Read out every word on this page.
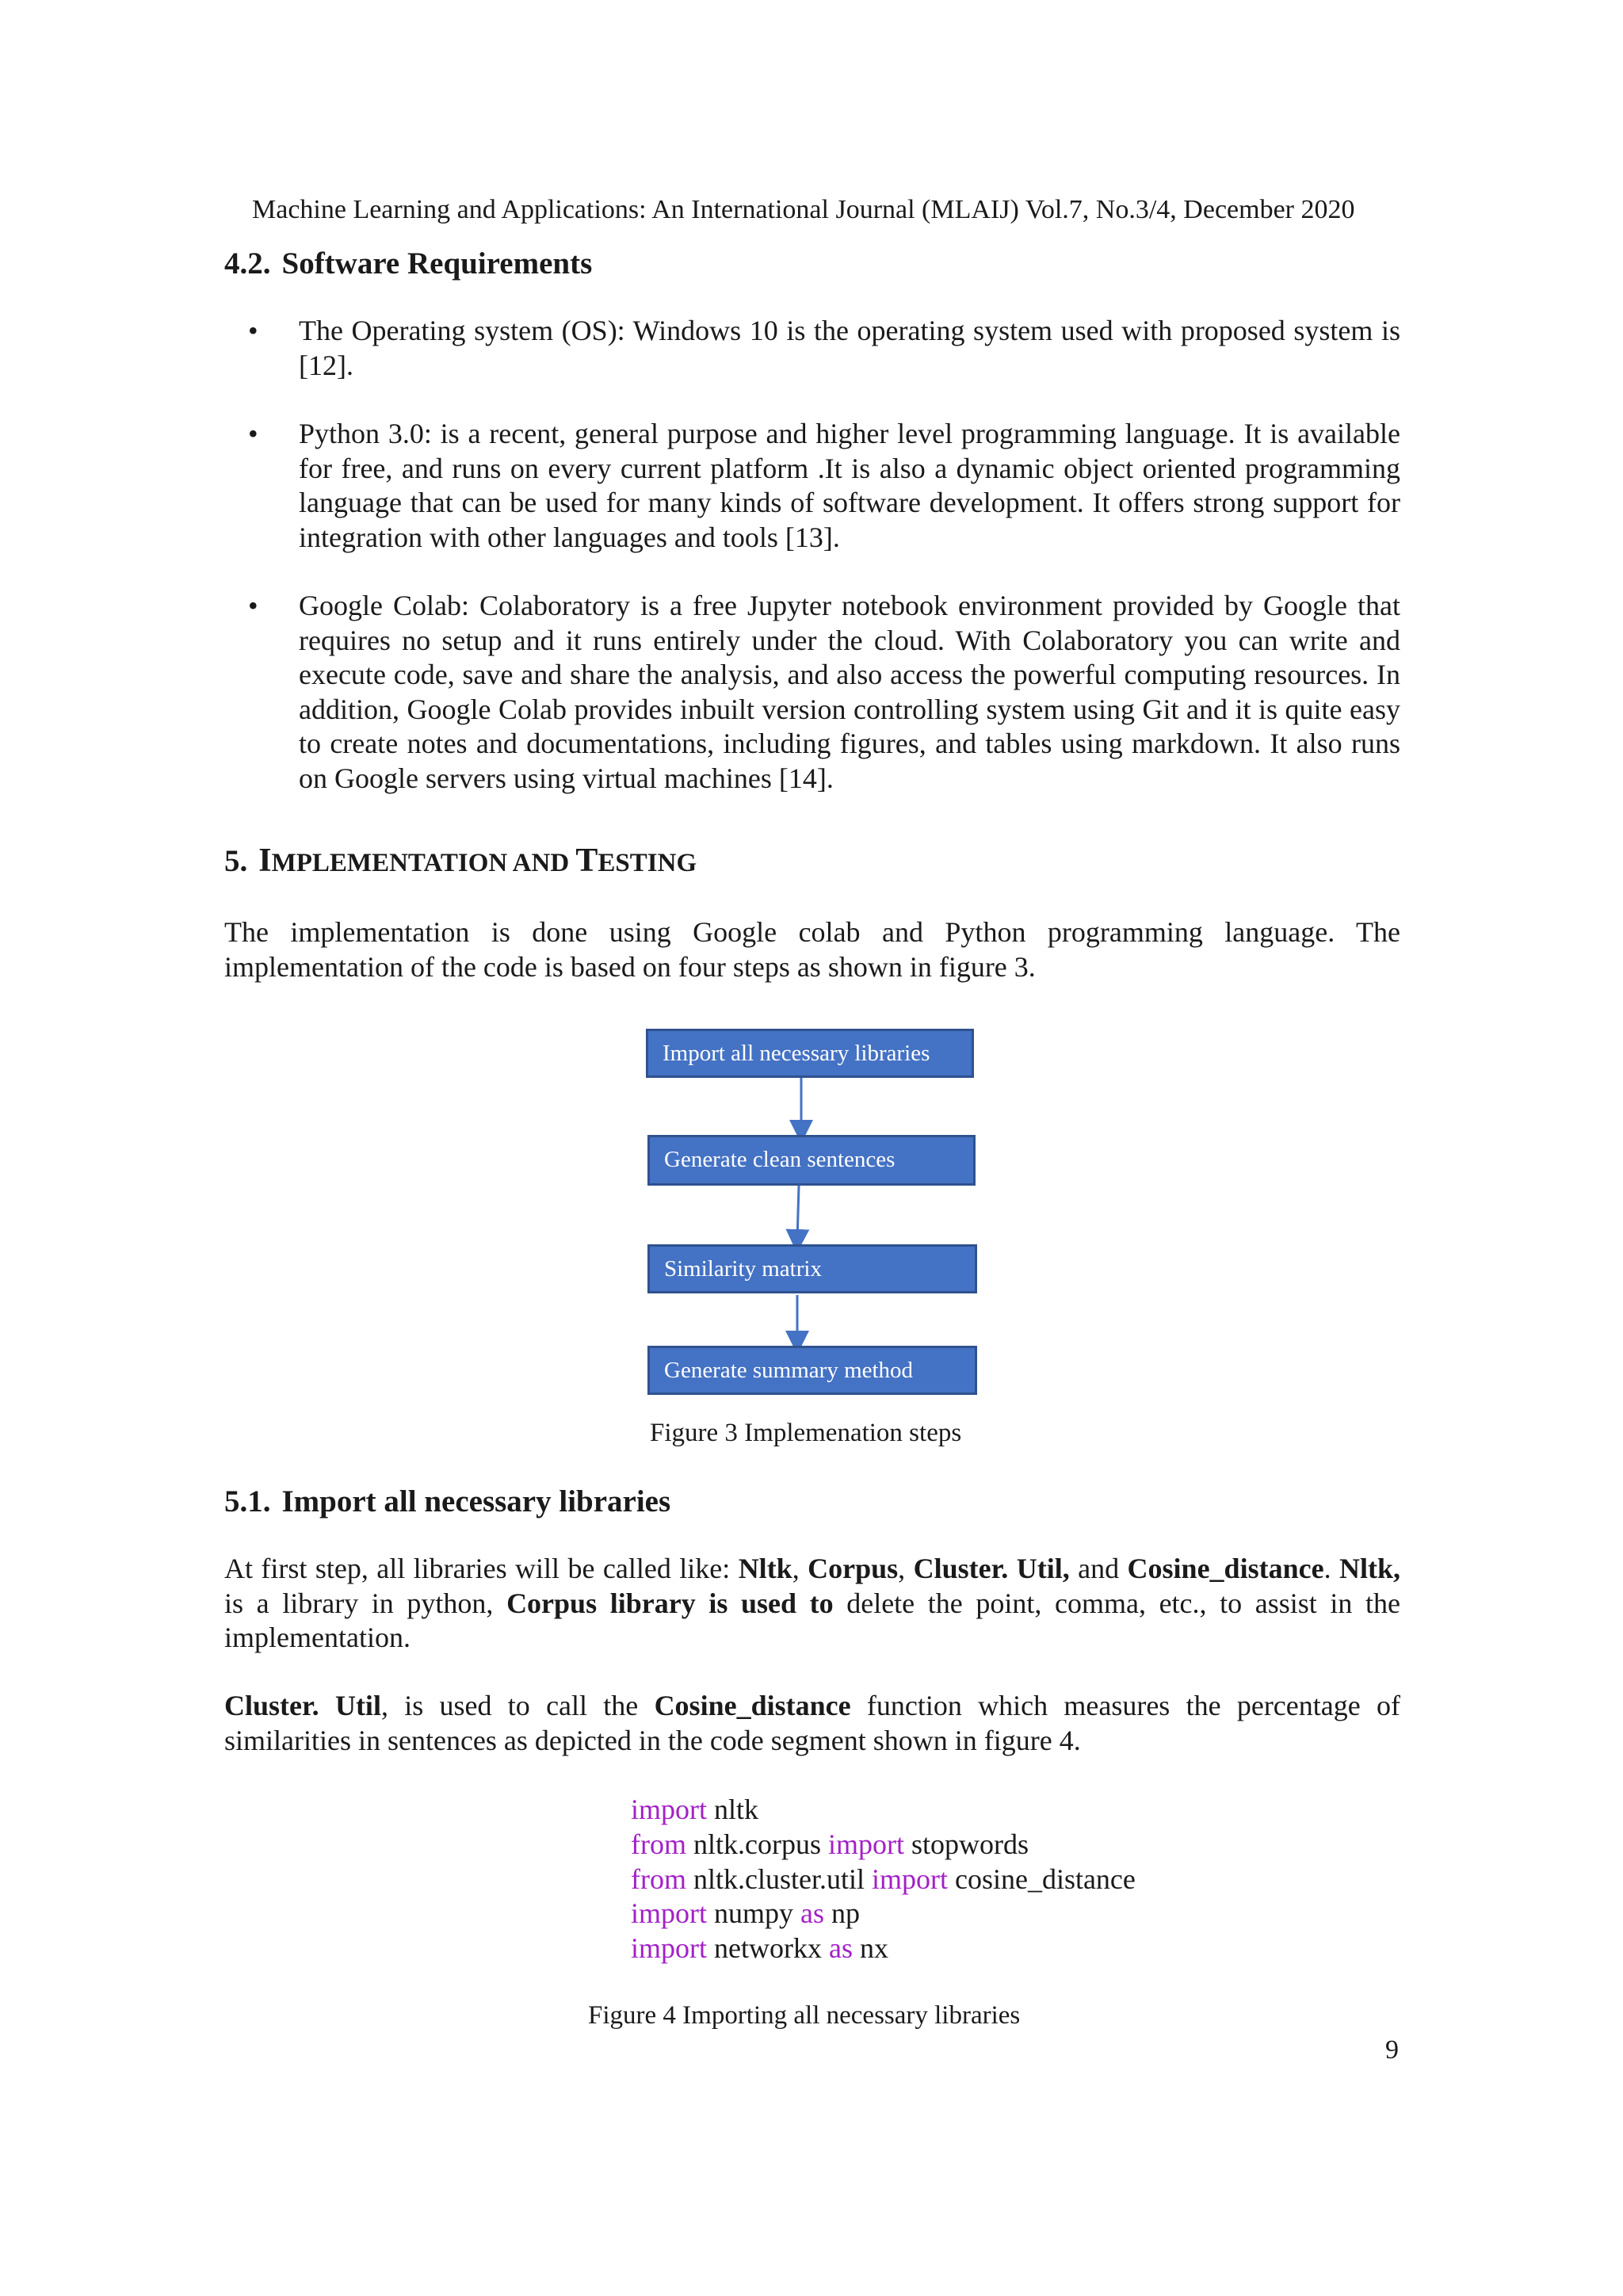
Machine Learning and Applications: An International Journal (MLAIJ) Vol.7, No.3/4, December 2020
4.2. Software Requirements
• The Operating system (OS): Windows 10 is the operating system used with proposed system is [12].
• Python 3.0: is a recent, general purpose and higher level programming language. It is available for free, and runs on every current platform .It is also a dynamic object oriented programming language that can be used for many kinds of software development. It offers strong support for integration with other languages and tools [13].
• Google Colab: Colaboratory is a free Jupyter notebook environment provided by Google that requires no setup and it runs entirely under the cloud. With Colaboratory you can write and execute code, save and share the analysis, and also access the powerful computing resources. In addition, Google Colab provides inbuilt version controlling system using Git and it is quite easy to create notes and documentations, including figures, and tables using markdown. It also runs on Google servers using virtual machines [14].
5. IMPLEMENTATION AND TESTING
The implementation is done using Google colab and Python programming language. The implementation of the code is based on four steps as shown in figure 3.
Import all necessary libraries
Generate clean sentences
Similarity matrix
Generate summary method
Figure 3 Implemenation steps
5.1. Import all necessary libraries
At first step, all libraries will be called like: Nltk, Corpus, Cluster. Util, and Cosine_distance. Nltk, is a library in python, Corpus library is used to delete the point, comma, etc., to assist in the implementation.
Cluster. Util, is used to call the Cosine_distance function which measures the percentage of similarities in sentences as depicted in the code segment shown in figure 4.
import nltk
from nltk.corpus import stopwords
from nltk.cluster.util import cosine_distance
import numpy as np
import networkx as nx
Figure 4 Importing all necessary libraries
9
